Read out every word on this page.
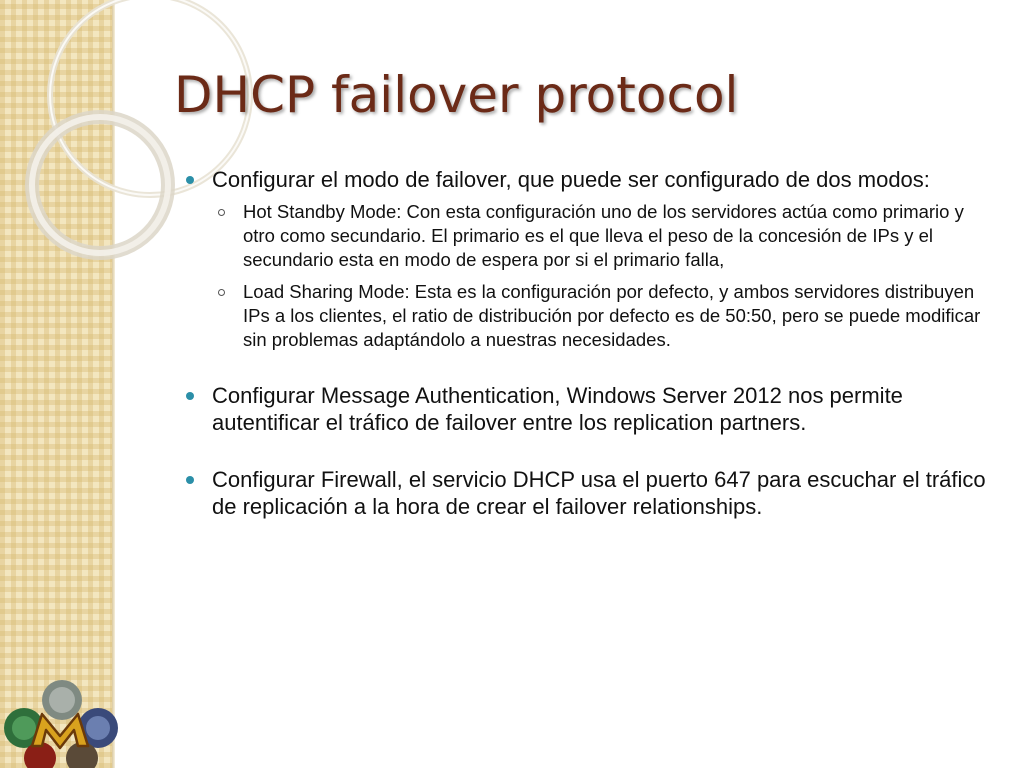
DHCP failover protocol
Configurar el modo de failover, que puede ser configurado de dos modos:
Hot Standby Mode: Con esta configuración uno de los servidores actúa como primario y otro como secundario. El primario es el que lleva el peso de la concesión de IPs y el secundario esta en modo de espera por si el primario falla,
Load Sharing Mode: Esta es la configuración por defecto, y ambos servidores distribuyen IPs a los clientes, el ratio de distribución por defecto es de 50:50, pero se puede modificar sin problemas adaptándolo a nuestras necesidades.
Configurar Message Authentication, Windows Server 2012 nos permite autentificar el tráfico de failover entre los replication partners.
Configurar Firewall, el servicio DHCP usa el puerto 647 para escuchar el tráfico de replicación a la hora de crear el failover relationships.
